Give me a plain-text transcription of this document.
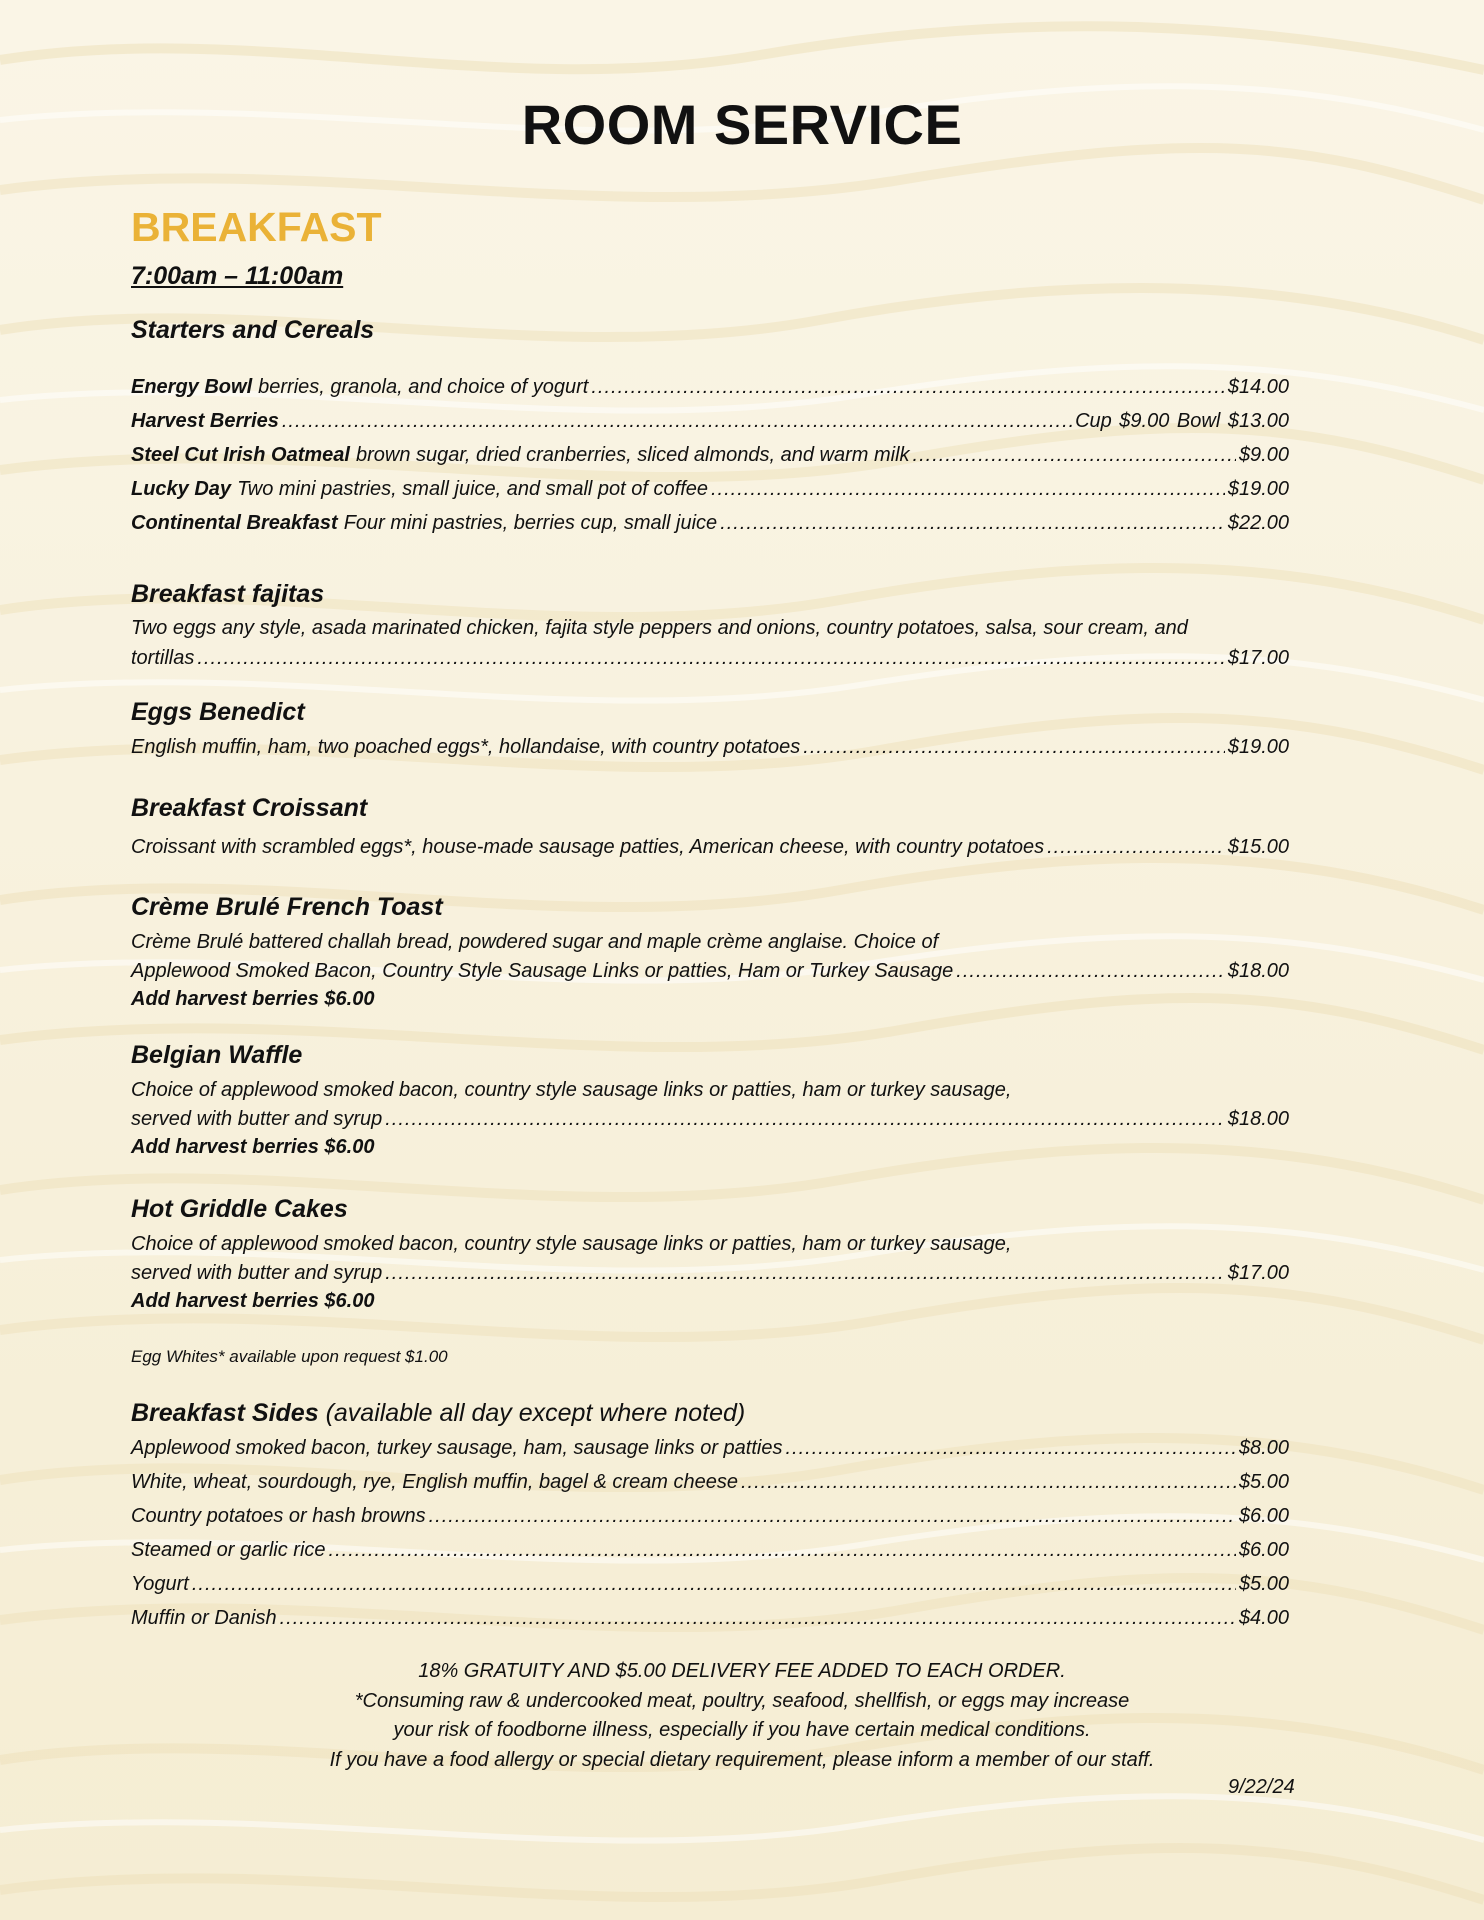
ROOM SERVICE
BREAKFAST
7:00am – 11:00am
Starters and Cereals
Energy Bowl berries, granola, and choice of yogurt .....	$14.00
Harvest Berries .....	Cup $9.00 Bowl $13.00
Steel Cut Irish Oatmeal brown sugar, dried cranberries, sliced almonds, and warm milk .....	$9.00
Lucky Day Two mini pastries, small juice, and small pot of coffee .....	$19.00
Continental Breakfast Four mini pastries, berries cup, small juice .....	$22.00
Breakfast fajitas
Two eggs any style, asada marinated chicken, fajita style peppers and onions, country potatoes, salsa, sour cream, and
tortillas .....	$17.00
Eggs Benedict
English muffin, ham, two poached eggs*, hollandaise, with country potatoes .....	$19.00
Breakfast Croissant
Croissant with scrambled eggs*, house-made sausage patties, American cheese, with country potatoes .....	$15.00
Crème Brulé French Toast
Crème Brulé battered challah bread, powdered sugar and maple crème anglaise. Choice of
Applewood Smoked Bacon, Country Style Sausage Links or patties, Ham or Turkey Sausage .....	$18.00
Add harvest berries $6.00
Belgian Waffle
Choice of applewood smoked bacon, country style sausage links or patties, ham or turkey sausage,
served with butter and syrup .....	$18.00
Add harvest berries $6.00
Hot Griddle Cakes
Choice of applewood smoked bacon, country style sausage links or patties, ham or turkey sausage,
served with butter and syrup .....	$17.00
Add harvest berries $6.00
Egg Whites* available upon request $1.00
Breakfast Sides (available all day except where noted)
Applewood smoked bacon, turkey sausage, ham, sausage links or patties .....	$8.00
White, wheat, sourdough, rye, English muffin, bagel & cream cheese .....	$5.00
Country potatoes or hash browns .....	$6.00
Steamed or garlic rice .....	$6.00
Yogurt .....	$5.00
Muffin or Danish .....	$4.00
18% GRATUITY AND $5.00 DELIVERY FEE ADDED TO EACH ORDER.
*Consuming raw & undercooked meat, poultry, seafood, shellfish, or eggs may increase
your risk of foodborne illness, especially if you have certain medical conditions.
If you have a food allergy or special dietary requirement, please inform a member of our staff.
9/22/24
